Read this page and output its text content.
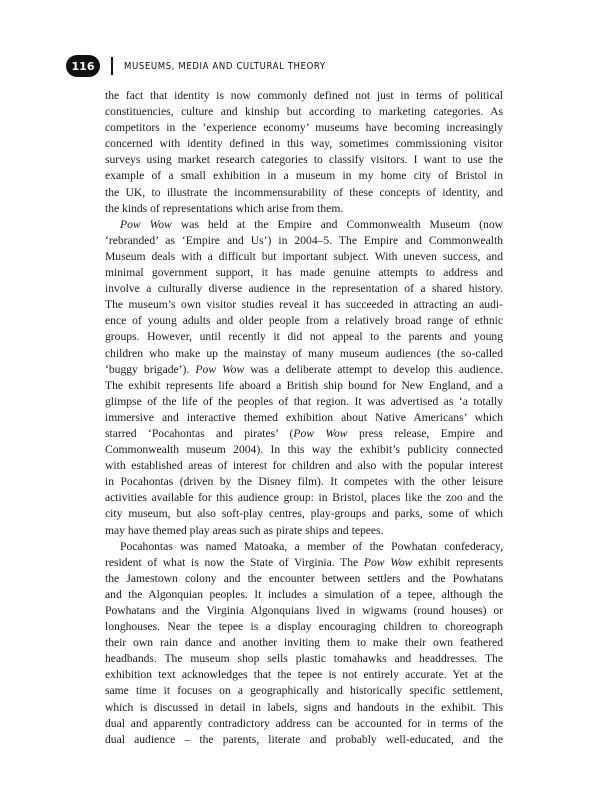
116	MUSEUMS, MEDIA AND CULTURAL THEORY
the fact that identity is now commonly defined not just in terms of political
constituencies, culture and kinship but according to marketing categories. As
competitors in the ‘experience economy’ museums have becoming increasingly
concerned with identity defined in this way, sometimes commissioning visitor
surveys using market research categories to classify visitors. I want to use the
example of a small exhibition in a museum in my home city of Bristol in
the UK, to illustrate the incommensurability of these concepts of identity, and
the kinds of representations which arise from them.
Pow Wow was held at the Empire and Commonwealth Museum (now
‘rebranded’ as ‘Empire and Us’) in 2004–5. The Empire and Commonwealth
Museum deals with a difficult but important subject. With uneven success, and
minimal government support, it has made genuine attempts to address and
involve a culturally diverse audience in the representation of a shared history.
The museum’s own visitor studies reveal it has succeeded in attracting an audi-
ence of young adults and older people from a relatively broad range of ethnic
groups. However, until recently it did not appeal to the parents and young
children who make up the mainstay of many museum audiences (the so-called
‘buggy brigade’). Pow Wow was a deliberate attempt to develop this audience.
The exhibit represents life aboard a British ship bound for New England, and a
glimpse of the life of the peoples of that region. It was advertised as ‘a totally
immersive and interactive themed exhibition about Native Americans’ which
starred ‘Pocahontas and pirates’ (Pow Wow press release, Empire and
Commonwealth museum 2004). In this way the exhibit’s publicity connected
with established areas of interest for children and also with the popular interest
in Pocahontas (driven by the Disney film). It competes with the other leisure
activities available for this audience group: in Bristol, places like the zoo and the
city museum, but also soft-play centres, play-groups and parks, some of which
may have themed play areas such as pirate ships and tepees.
Pocahontas was named Matoaka, a member of the Powhatan confederacy,
resident of what is now the State of Virginia. The Pow Wow exhibit represents
the Jamestown colony and the encounter between settlers and the Powhatans
and the Algonquian peoples. It includes a simulation of a tepee, although the
Powhatans and the Virginia Algonquians lived in wigwams (round houses) or
longhouses. Near the tepee is a display encouraging children to choreograph
their own rain dance and another inviting them to make their own feathered
headbands. The museum shop sells plastic tomahawks and headdresses. The
exhibition text acknowledges that the tepee is not entirely accurate. Yet at the
same time it focuses on a geographically and historically specific settlement,
which is discussed in detail in labels, signs and handouts in the exhibit. This
dual and apparently contradictory address can be accounted for in terms of the
dual audience – the parents, literate and probably well-educated, and the
